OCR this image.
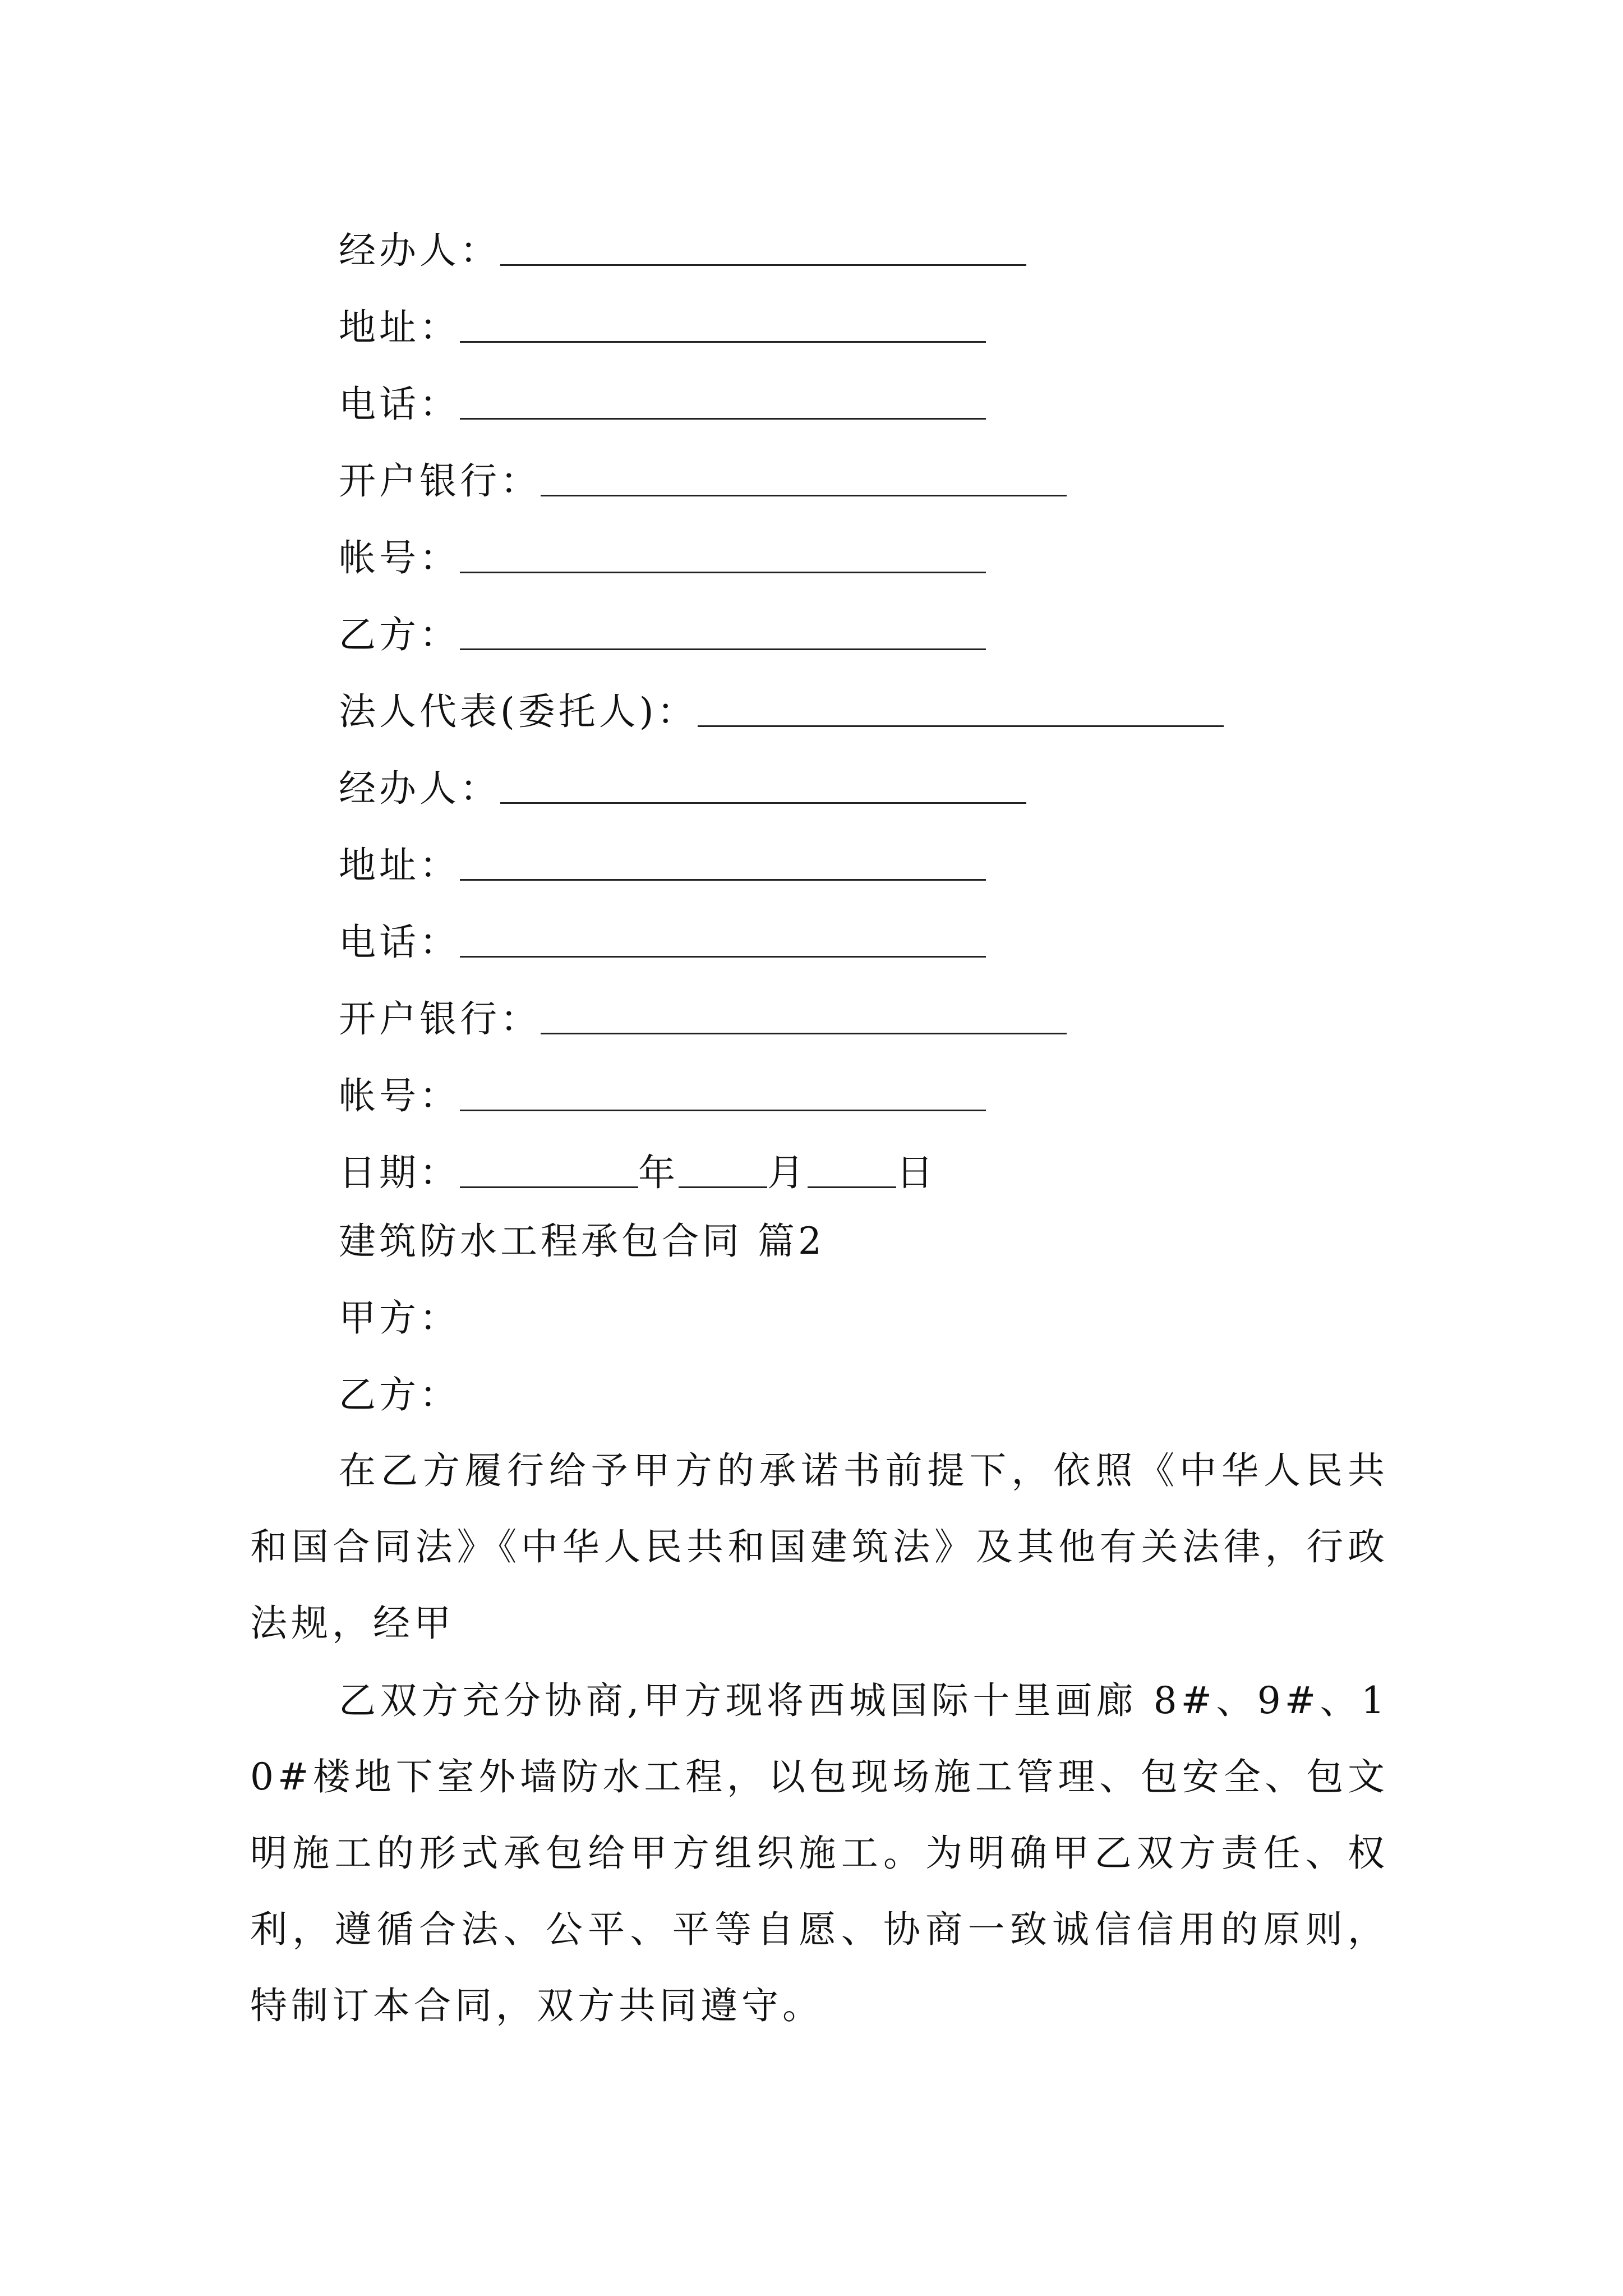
经办人：
地址：
电话：
开户银行：
帐号：
乙方：
法人代表(委托人)：
经办人：
地址：
电话：
开户银行：
帐号：
日期：	年 月 日
建筑防水工程承包合同 篇2
甲方：
乙方：
在乙方履行给予甲方的承诺书前提下，依照《中华人民共和国合同法》《中华人民共和国建筑法》及其他有关法律，行政法规，经甲
乙双方充分协商,甲方现将西城国际十里画廊 8#、9#、10#楼地下室外墙防水工程，以包现场施工管理、包安全、包文明施工的形式承包给甲方组织施工。为明确甲乙双方责任、权利，遵循合法、公平、平等自愿、协商一致诚信信用的原则，特制订本合同，双方共同遵守。
